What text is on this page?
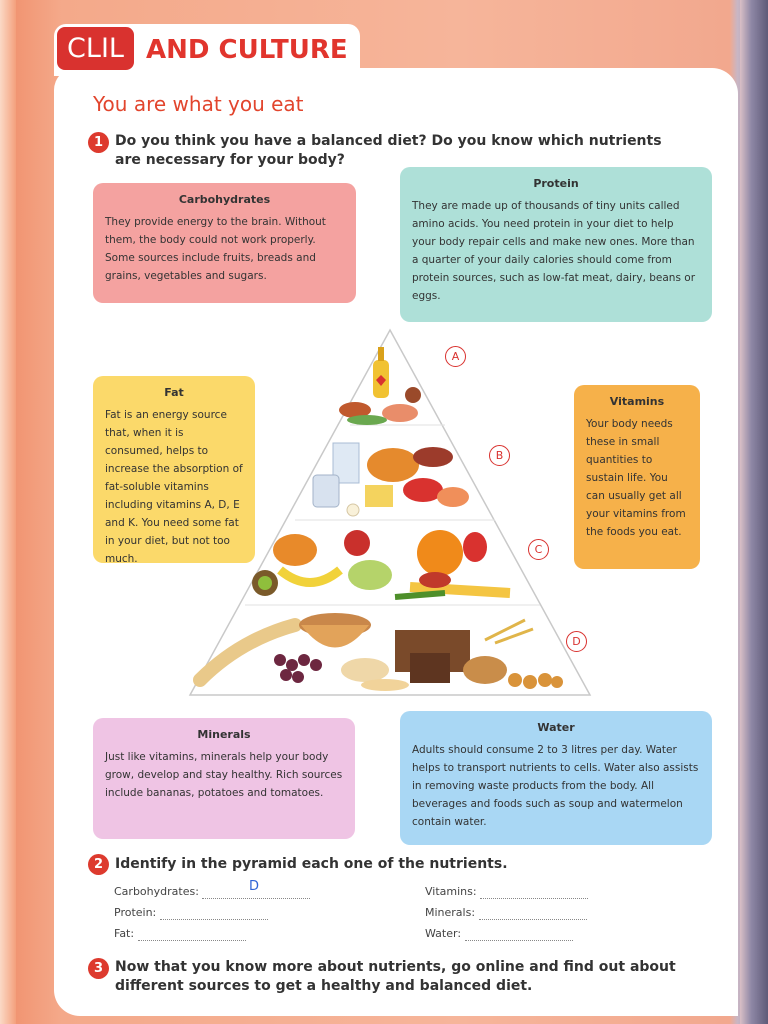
CLIL AND CULTURE
You are what you eat
1 Do you think you have a balanced diet? Do you know which nutrients are necessary for your body?
Carbohydrates

They provide energy to the brain. Without them, the body could not work properly. Some sources include fruits, breads and grains, vegetables and sugars.

Protein

They are made up of thousands of tiny units called amino acids. You need protein in your diet to help your body repair cells and make new ones. More than a quarter of your daily calories should come from protein sources, such as low-fat meat, dairy, beans or eggs.

Fat

Fat is an energy source that, when it is consumed, helps to increase the absorption of fat-soluble vitamins including vitamins A, D, E and K. You need some fat in your diet, but not too much.

Vitamins

Your body needs these in small quantities to sustain life. You can usually get all your vitamins from the foods you eat.

Minerals

Just like vitamins, minerals help your body grow, develop and stay healthy. Rich sources include bananas, potatoes and tomatoes.

Water

Adults should consume 2 to 3 litres per day. Water helps to transport nutrients to cells. Water also assists in removing waste products from the body. All beverages and foods such as soup and watermelon contain water.

A
B
C
D
2 Identify in the pyramid each one of the nutrients.
Carbohydrates:	D
Protein:
Fat:
Vitamins:
Minerals:
Water:
3 Now that you know more about nutrients, go online and find out about different sources to get a healthy and balanced diet.
